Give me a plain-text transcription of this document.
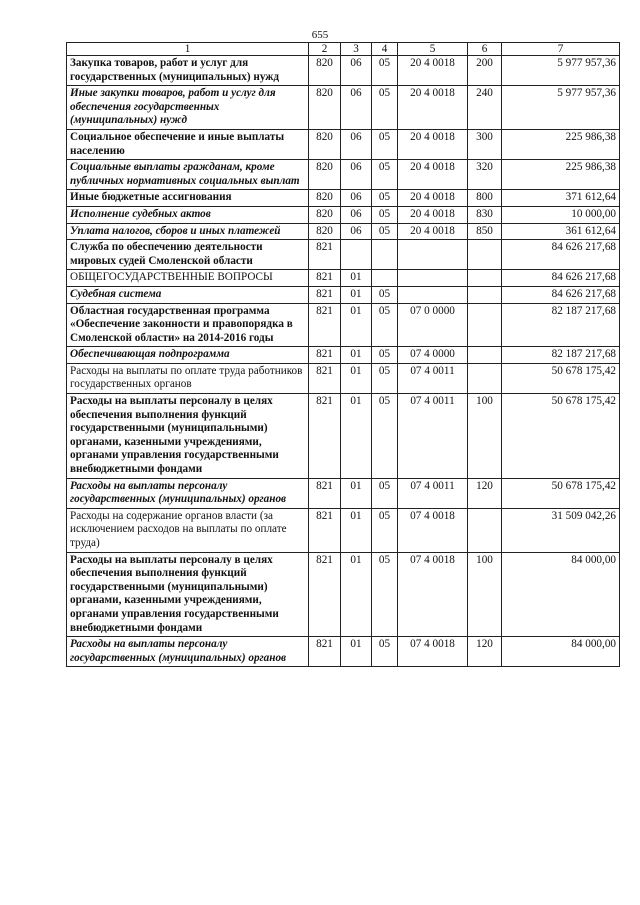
655
1	2	3	4	5	6	7
Закупка товаров, работ и услуг для государственных (муниципальных) нужд	820	06	05	20 4 0018	200	5 977 957,36
Иные закупки товаров, работ и услуг для обеспечения государственных (муниципальных) нужд	820	06	05	20 4 0018	240	5 977 957,36
Социальное обеспечение и иные выплаты населению	820	06	05	20 4 0018	300	225 986,38
Социальные выплаты гражданам, кроме публичных нормативных социальных выплат	820	06	05	20 4 0018	320	225 986,38
Иные бюджетные ассигнования	820	06	05	20 4 0018	800	371 612,64
Исполнение судебных актов	820	06	05	20 4 0018	830	10 000,00
Уплата налогов, сборов и иных платежей	820	06	05	20 4 0018	850	361 612,64
Служба по обеспечению деятельности мировых судей Смоленской области	821					84 626 217,68
ОБЩЕГОСУДАРСТВЕННЫЕ ВОПРОСЫ	821	01				84 626 217,68
Судебная система	821	01	05			84 626 217,68
Областная государственная программа «Обеспечение законности и правопорядка в Смоленской области» на 2014-2016 годы	821	01	05	07 0 0000		82 187 217,68
Обеспечивающая подпрограмма	821	01	05	07 4 0000		82 187 217,68
Расходы на выплаты по оплате труда работников государственных органов	821	01	05	07 4 0011		50 678 175,42
Расходы на выплаты персоналу в целях обеспечения выполнения функций государственными (муниципальными) органами, казенными учреждениями, органами управления государственными внебюджетными фондами	821	01	05	07 4 0011	100	50 678 175,42
Расходы на выплаты персоналу государственных (муниципальных) органов	821	01	05	07 4 0011	120	50 678 175,42
Расходы на содержание органов власти (за исключением расходов на выплаты по оплате труда)	821	01	05	07 4 0018		31 509 042,26
Расходы на выплаты персоналу в целях обеспечения выполнения функций государственными (муниципальными) органами, казенными учреждениями, органами управления государственными внебюджетными фондами	821	01	05	07 4 0018	100	84 000,00
Расходы на выплаты персоналу государственных (муниципальных) органов	821	01	05	07 4 0018	120	84 000,00
